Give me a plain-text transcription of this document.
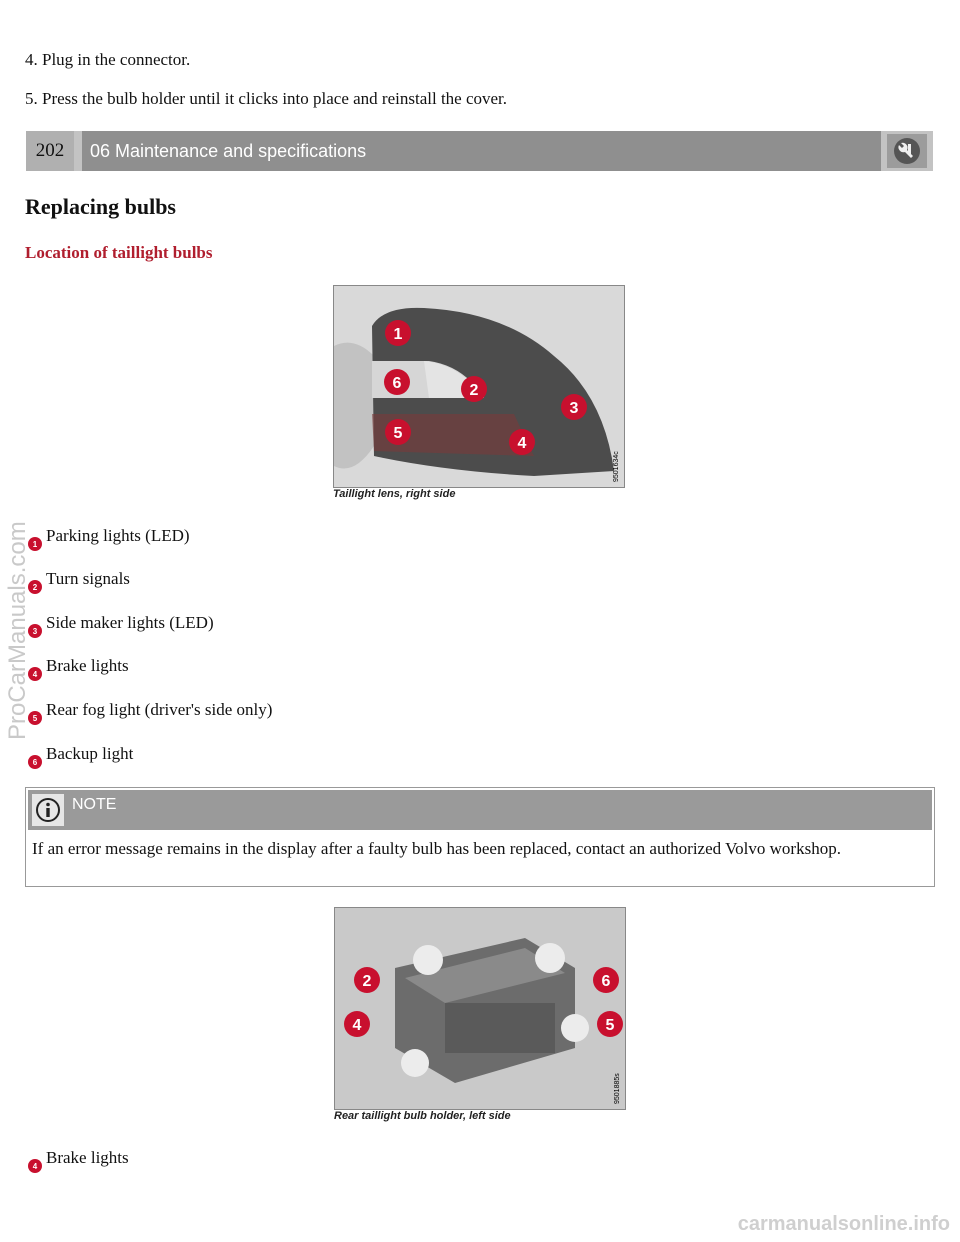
4. Plug in the connector.
5. Press the bulb holder until it clicks into place and reinstall the cover.
202	06 Maintenance and specifications
Replacing bulbs
Location of taillight bulbs
1
6	2
3
5
4
9501634c
Taillight lens, right side
1 Parking lights (LED)
2 Turn signals
3 Side maker lights (LED)
4 Brake lights
5 Rear fog light (driver's side only)
6 Backup light
NOTE
If an error message remains in the display after a faulty bulb has been replaced, contact an authorized Volvo workshop.
2	6
4	5
9501885s
Rear taillight bulb holder, left side
4 Brake lights
ProCarManuals.com
carmanualsonline.info
